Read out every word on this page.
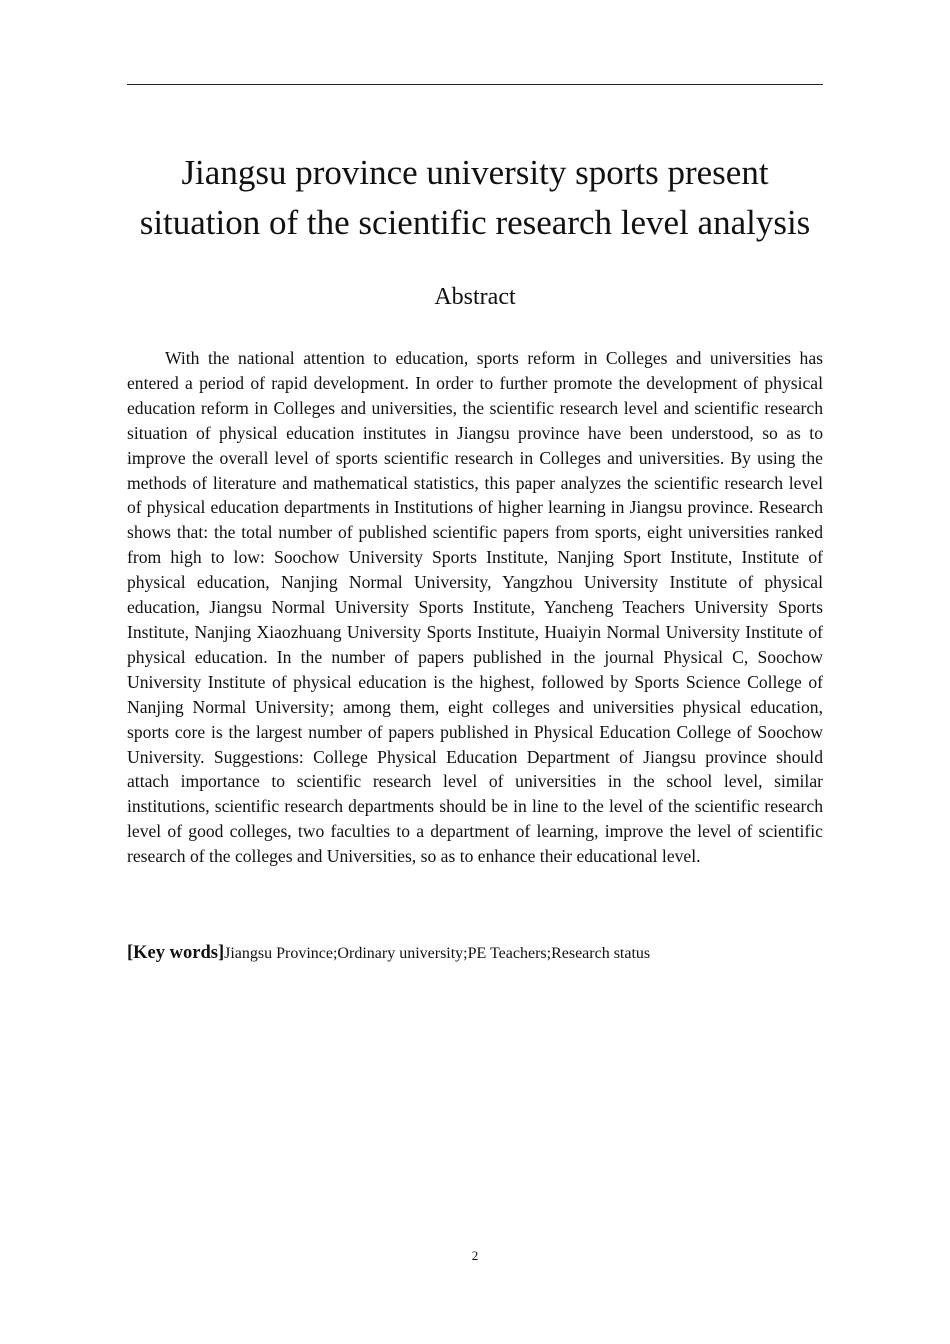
Jiangsu province university sports present situation of the scientific research level analysis
Abstract

With the national attention to education, sports reform in Colleges and universities has entered a period of rapid development. In order to further promote the development of physical education reform in Colleges and universities, the scientific research level and scientific research situation of physical education institutes in Jiangsu province have been understood, so as to improve the overall level of sports scientific research in Colleges and universities. By using the methods of literature and mathematical statistics, this paper analyzes the scientific research level of physical education departments in Institutions of higher learning in Jiangsu province. Research shows that: the total number of published scientific papers from sports, eight universities ranked from high to low: Soochow University Sports Institute, Nanjing Sport Institute, Institute of physical education, Nanjing Normal University, Yangzhou University Institute of physical education, Jiangsu Normal University Sports Institute, Yancheng Teachers University Sports Institute, Nanjing Xiaozhuang University Sports Institute, Huaiyin Normal University Institute of physical education. In the number of papers published in the journal Physical C, Soochow University Institute of physical education is the highest, followed by Sports Science College of Nanjing Normal University; among them, eight colleges and universities physical education, sports core is the largest number of papers published in Physical Education College of Soochow University. Suggestions: College Physical Education Department of Jiangsu province should attach importance to scientific research level of universities in the school level, similar institutions, scientific research departments should be in line to the level of the scientific research level of good colleges, two faculties to a department of learning, improve the level of scientific research of the colleges and Universities, so as to enhance their educational level.

[Key words]Jiangsu Province;Ordinary university;PE Teachers;Research status

2
